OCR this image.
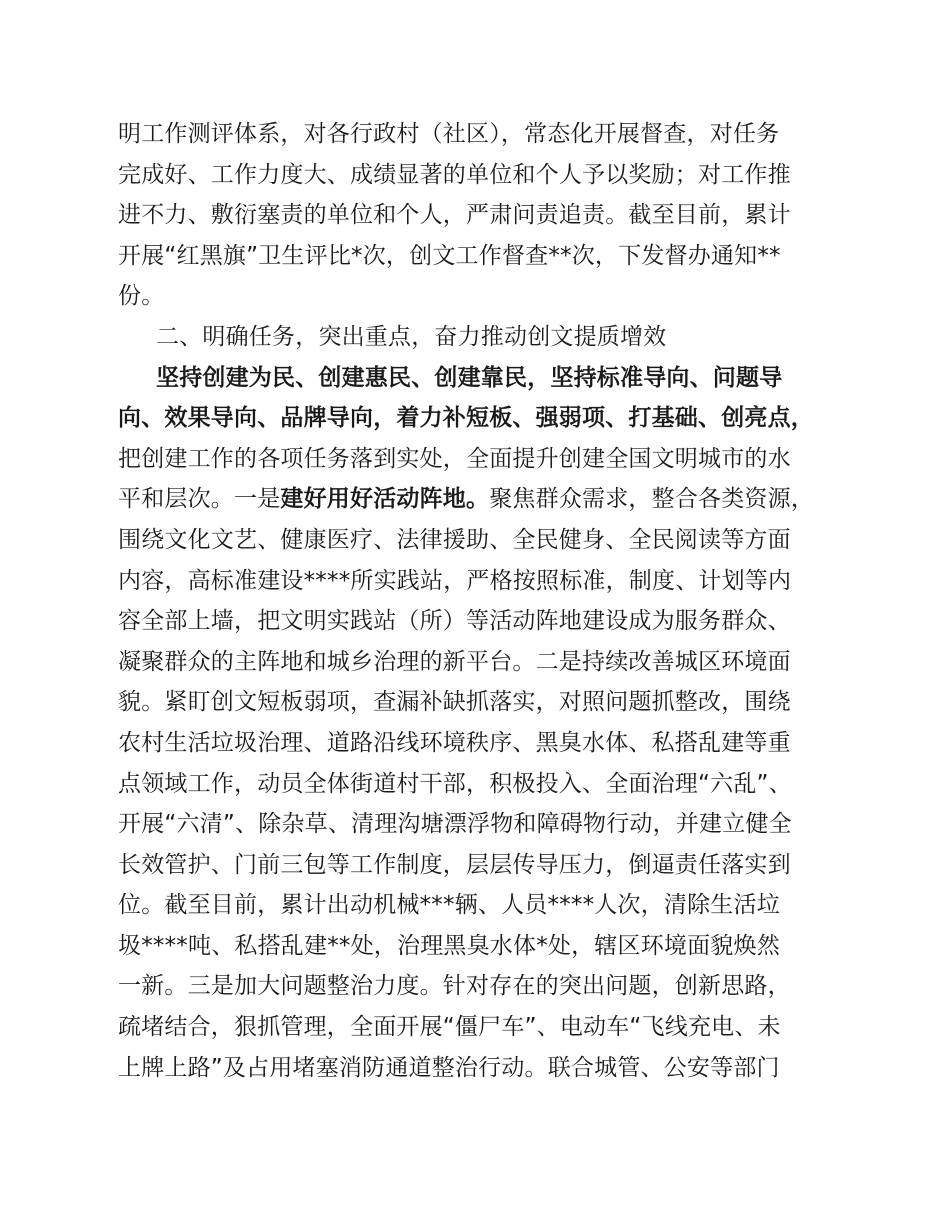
明工作测评体系，对各行政村（社区），常态化开展督查，对任务
完成好、工作力度大、成绩显著的单位和个人予以奖励；对工作推
进不力、敷衍塞责的单位和个人，严肃问责追责。截至目前，累计
开展“红黑旗”卫生评比*次，创文工作督查**次，下发督办通知**
份。
二、明确任务，突出重点，奋力推动创文提质增效
坚持创建为民、创建惠民、创建靠民，坚持标准导向、问题导
向、效果导向、品牌导向，着力补短板、强弱项、打基础、创亮点，
把创建工作的各项任务落到实处，全面提升创建全国文明城市的水
平和层次。一是建好用好活动阵地。聚焦群众需求，整合各类资源，
围绕文化文艺、健康医疗、法律援助、全民健身、全民阅读等方面
内容，高标准建设****所实践站，严格按照标准，制度、计划等内
容全部上墙，把文明实践站（所）等活动阵地建设成为服务群众、
凝聚群众的主阵地和城乡治理的新平台。二是持续改善城区环境面
貌。紧盯创文短板弱项，查漏补缺抓落实，对照问题抓整改，围绕
农村生活垃圾治理、道路沿线环境秩序、黑臭水体、私搭乱建等重
点领域工作，动员全体街道村干部，积极投入、全面治理“六乱”、
开展“六清”、除杂草、清理沟塘漂浮物和障碍物行动，并建立健全
长效管护、门前三包等工作制度，层层传导压力，倒逼责任落实到
位。截至目前，累计出动机械***辆、人员****人次，清除生活垃
圾****吨、私搭乱建**处，治理黑臭水体*处，辖区环境面貌焕然
一新。三是加大问题整治力度。针对存在的突出问题，创新思路，
疏堵结合，狠抓管理，全面开展“僵尸车”、电动车“飞线充电、未
上牌上路”及占用堵塞消防通道整治行动。联合城管、公安等部门
